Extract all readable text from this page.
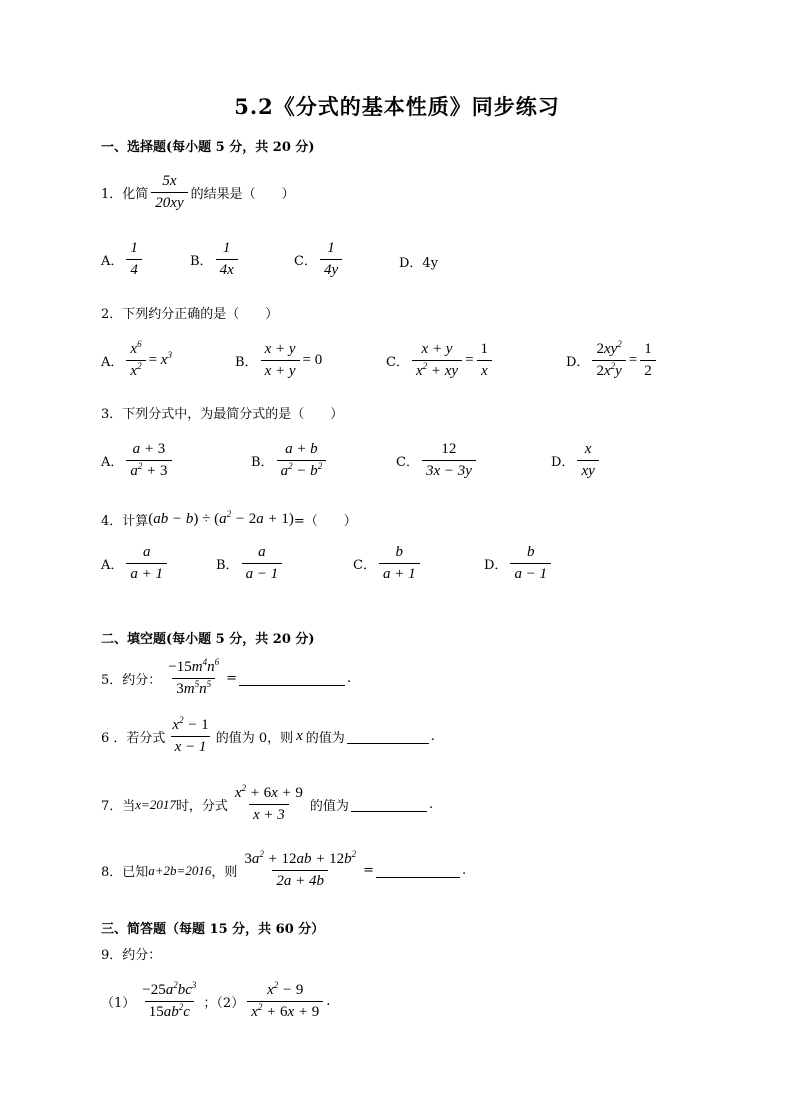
5.2《分式的基本性质》同步练习
一、选择题(每小题 5 分，共 20 分)
1．化简 $\frac{5x}{20xy}$ 的结果是（　　）
A． $\frac{1}{4}$	B． $\frac{1}{4x}$	C． $\frac{1}{4y}$	D．4y
2．下列约分正确的是（　　）
A． $\frac{x^6}{x^2} = x^3$	B． $\frac{x + y}{x + y} = 0$	C． $\frac{x + y}{x^2 + xy} = \frac{1}{x}$	D． $\frac{2xy^2}{2x^2y} = \frac{1}{2}$
3．下列分式中，为最简分式的是（　　）
A． $\frac{a + 3}{a^2 + 3}$	B． $\frac{a + b}{a^2 - b^2}$	C． $\frac{12}{3x - 3y}$	D． $\frac{x}{xy}$
4．计算 $(ab - b) \div (a^2 - 2a + 1)$ =（　　）
A． $\frac{a}{a + 1}$	B． $\frac{a}{a - 1}$	C． $\frac{b}{a + 1}$	D． $\frac{b}{a - 1}$
二、填空题(每小题 5 分，共 20 分)
5．约分： $\frac{-15m^4n^6}{3m^5n^5}$ =	.
6 ．若分式 $\frac{x^2 - 1}{x - 1}$ 的值为 0，则 x 的值为	.
7．当 x=2017 时，分式 $\frac{x^2 + 6x + 9}{x + 3}$ 的值为	.
8．已知 a+2b=2016 ，则 $\frac{3a^2 + 12ab + 12b^2}{2a + 4b}$ =	.
三、简答题（每题 15 分，共 60 分）
9．约分：
$(1) \frac{-25a^2bc^3}{15ab^2c}$ ；$(2) \frac{x^2 - 9}{x^2 + 6x + 9}$ .
